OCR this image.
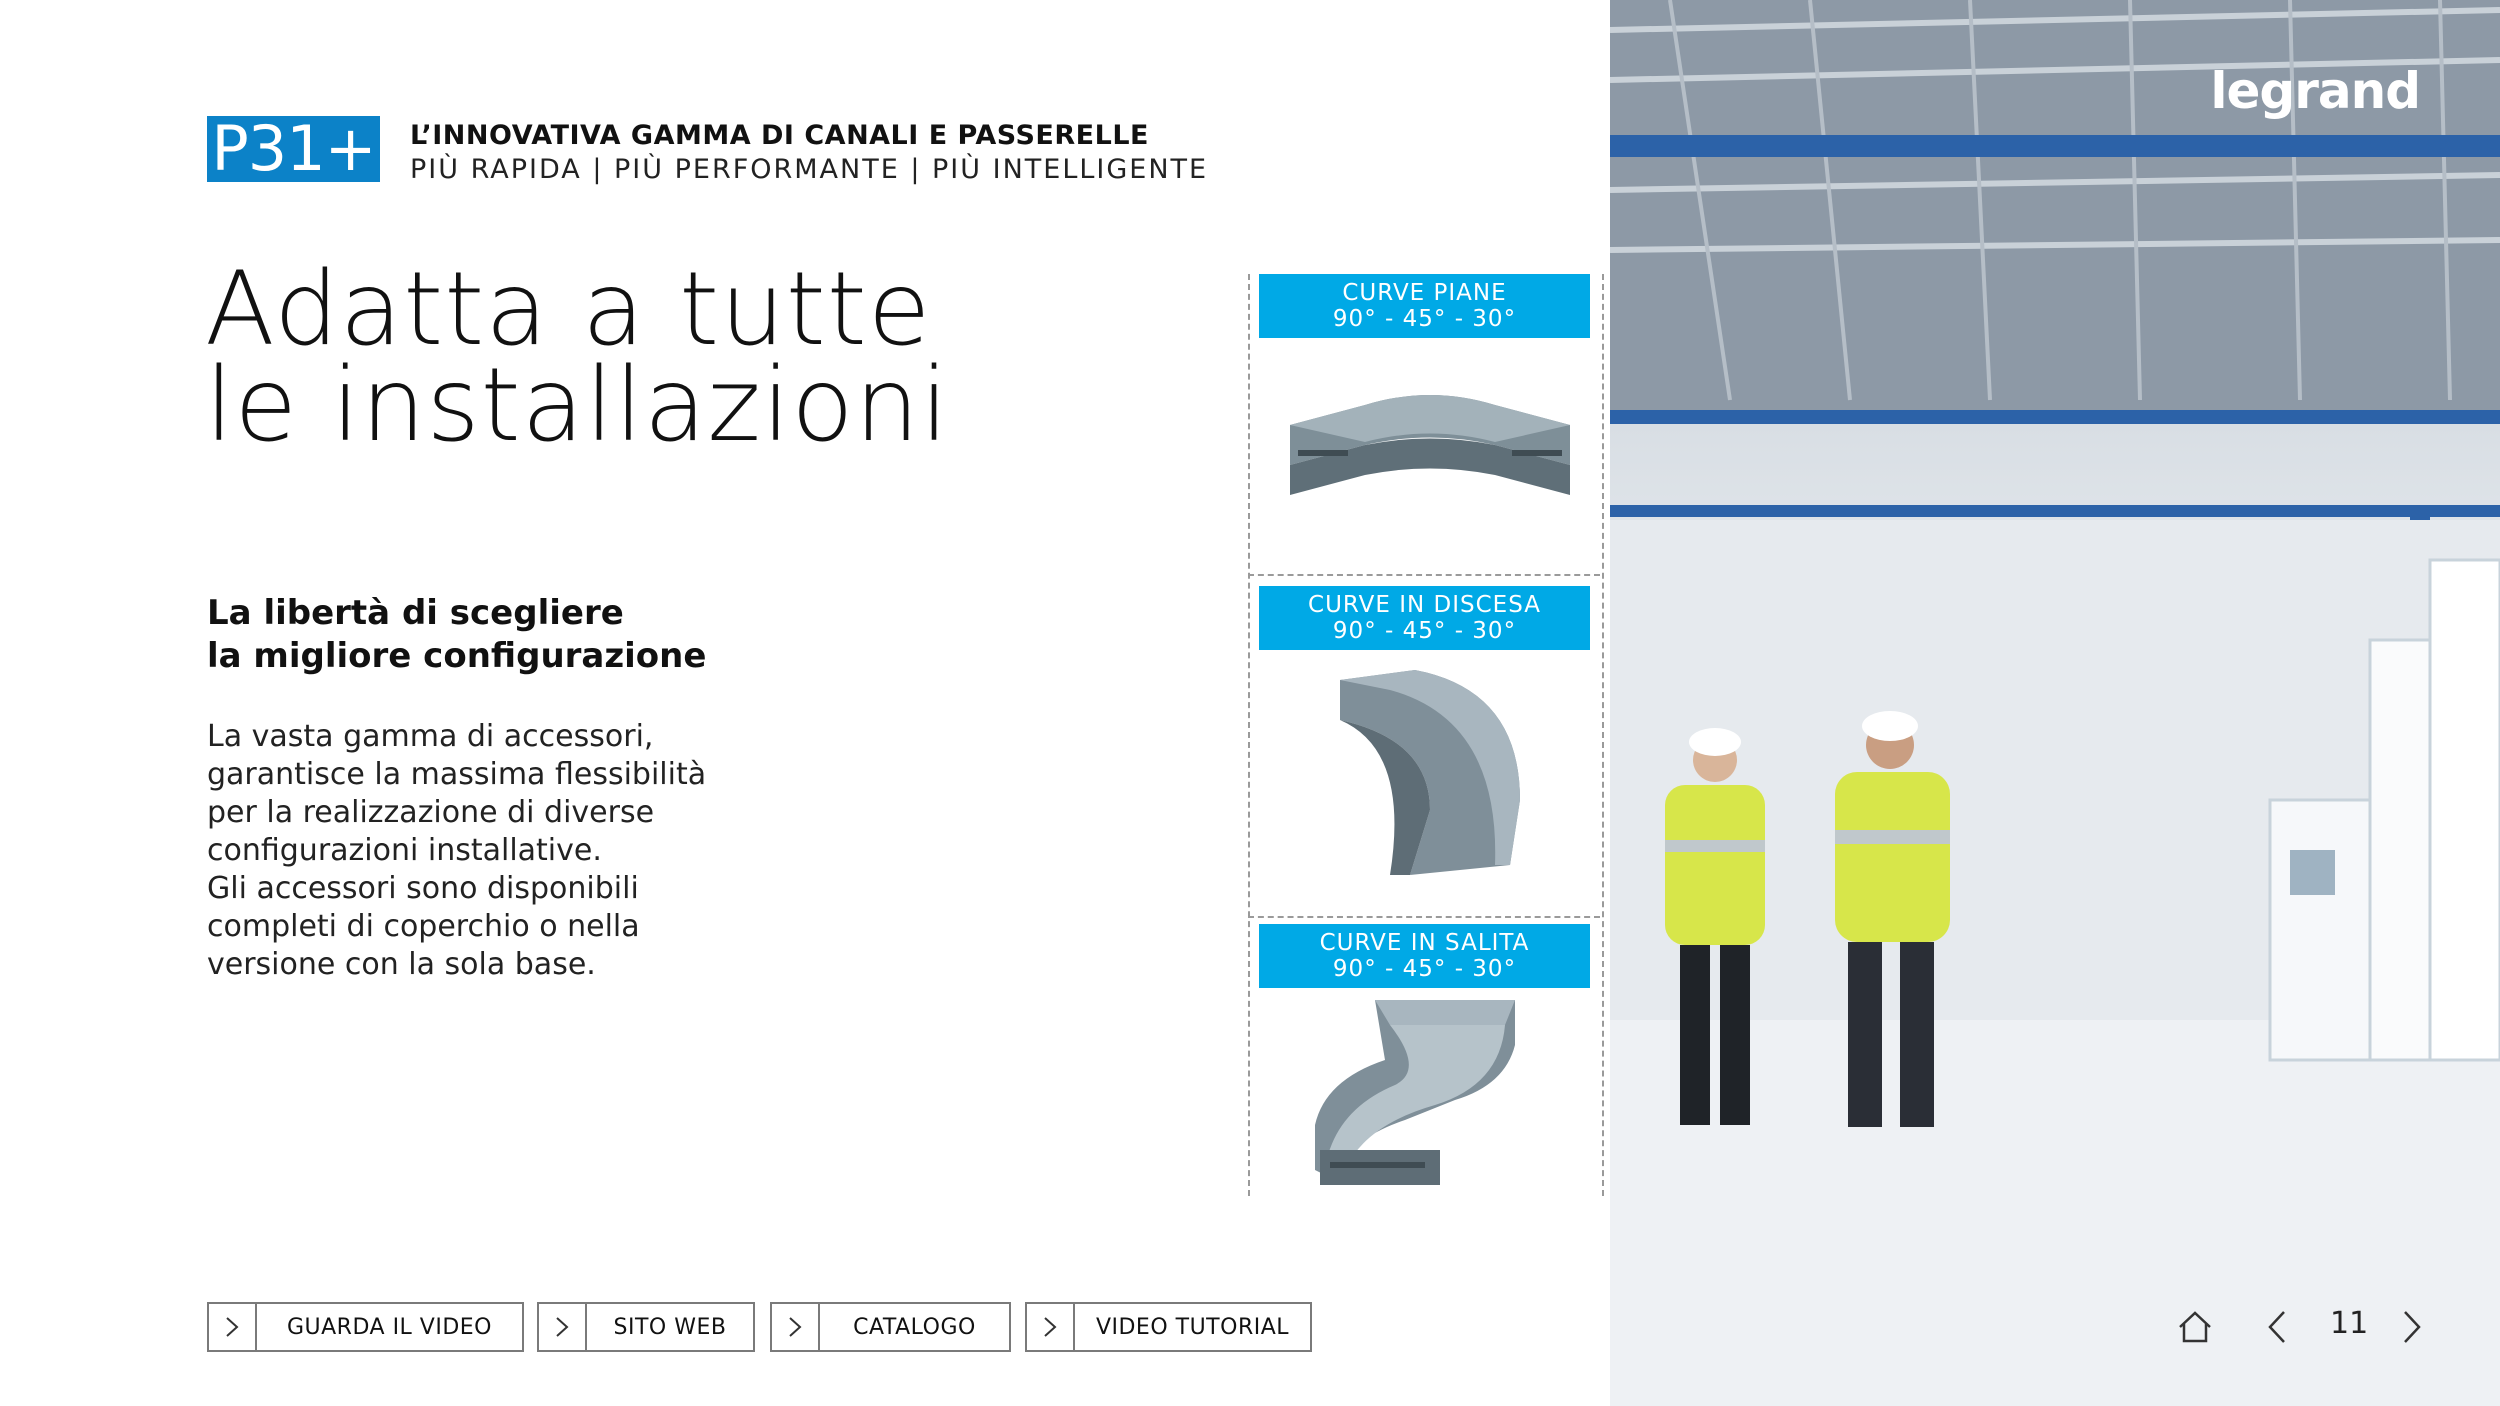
P31+ L’INNOVATIVA GAMMA DI CANALI E PASSERELLE
PIÙ RAPIDA | PIÙ PERFORMANTE | PIÙ INTELLIGENTE
Adatta a tutte
le installazioni
La libertà di scegliere
la migliore configurazione
La vasta gamma di accessori,
garantisce la massima flessibilità
per la realizzazione di diverse
configurazioni installative.
Gli accessori sono disponibili
completi di coperchio o nella
versione con la sola base.
CURVE PIANE
90° - 45° - 30°
CURVE IN DISCESA
90° - 45° - 30°
CURVE IN SALITA
90° - 45° - 30°
GUARDA IL VIDEO	SITO WEB	CATALOGO	VIDEO TUTORIAL
legrand
11
